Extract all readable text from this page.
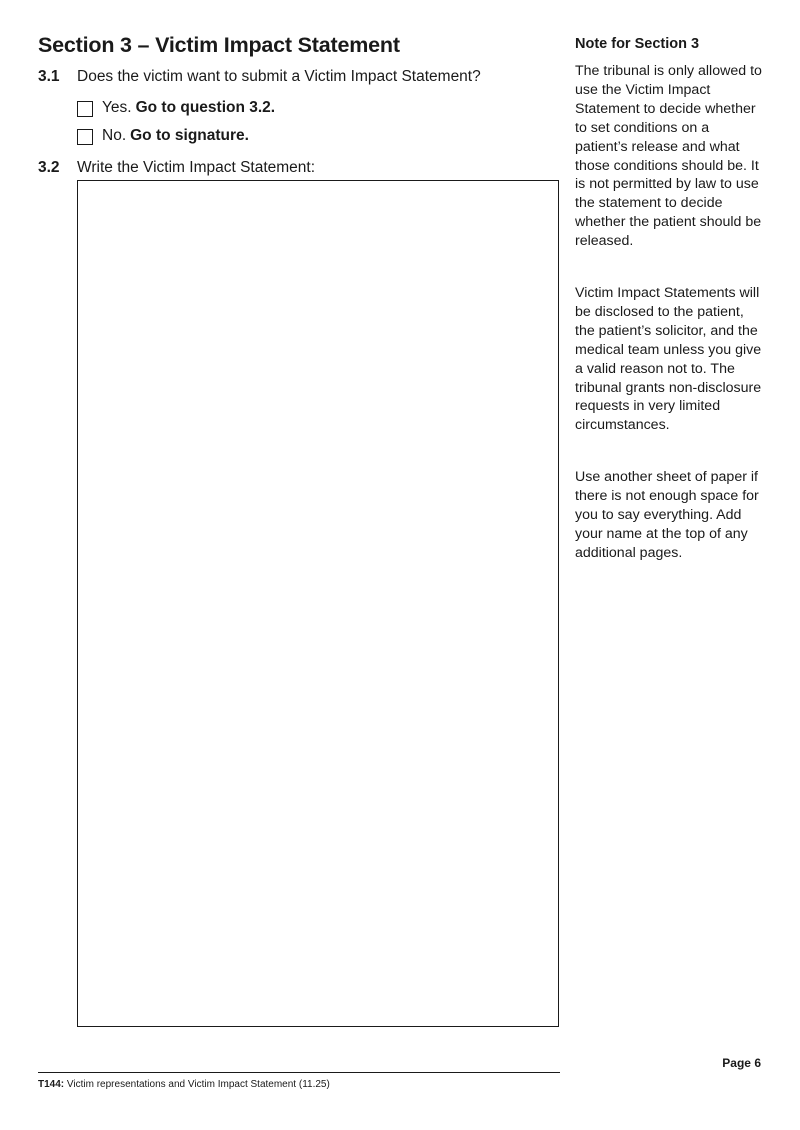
Section 3 – Victim Impact Statement
3.1 Does the victim want to submit a Victim Impact Statement?
Yes. Go to question 3.2.
No. Go to signature.
3.2 Write the Victim Impact Statement:
Note for Section 3
The tribunal is only allowed to use the Victim Impact Statement to decide whether to set conditions on a patient’s release and what those conditions should be. It is not permitted by law to use the statement to decide whether the patient should be released.
Victim Impact Statements will be disclosed to the patient, the patient’s solicitor, and the medical team unless you give a valid reason not to. The tribunal grants non-disclosure requests in very limited circumstances.
Use another sheet of paper if there is not enough space for you to say everything. Add your name at the top of any additional pages.
Page 6
T144: Victim representations and Victim Impact Statement (11.25)
